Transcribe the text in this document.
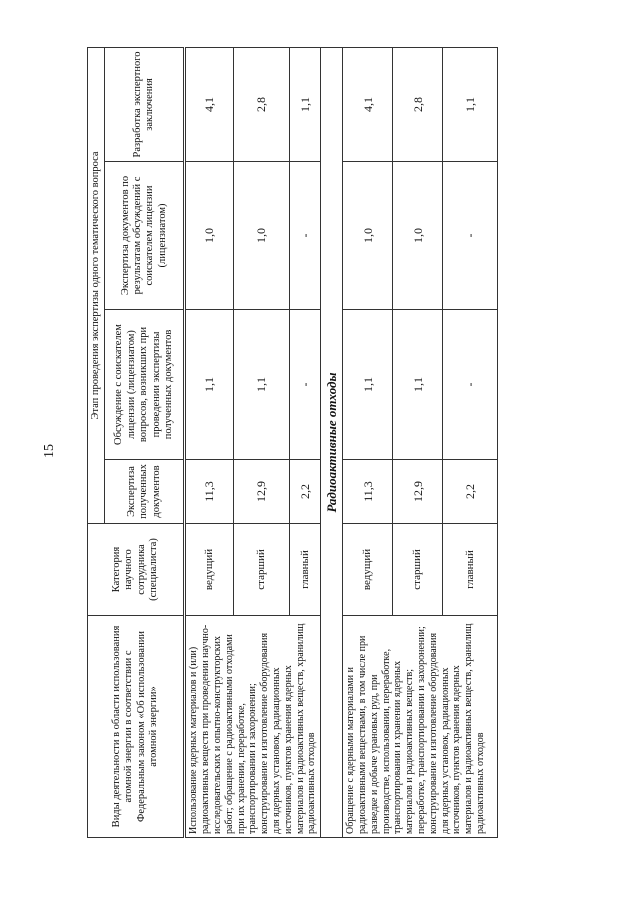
15
Виды деятельности в области использования атомной энергии в соответствии с Федеральным законом «Об использовании атомной энергии»	Категория научного сотрудника (специалиста)	Этап проведения экспертизы одного тематического вопроса			
		Экспертиза полученных документов	Обсуждение с соискателем лицензии (лицензиатом) вопросов, возникших при проведении экспертизы полученных документов	Экспертиза документов по результатам обсуждений с соискателем лицензии (лицензиатом)	Разработка экспертного заключения
Использование ядерных материалов и (или) радиоактивных веществ при проведении научно-исследовательских и опытно-конструкторских работ; обращение с радиоактивными отходами при их хранении, переработке, транспортировании и захоронении; конструирование и изготовление оборудования для ядерных установок, радиационных источников, пунктов хранения ядерных материалов и радиоактивных веществ, хранилищ радиоактивных отходов	ведущий	11,3	1,1	1,0	4,1
	старший	12,9	1,1	1,0	2,8
	главный	2,2	-	-	1,1
Радиоактивные отходы					
Обращение с ядерными материалами и радиоактивными веществами, в том числе при разведке и добыче урановых руд, при производстве, использовании, переработке, транспортировании и хранении ядерных материалов и радиоактивных веществ; переработке, транспортировании и захоронении; конструирование и изготовление оборудования для ядерных установок, радиационных источников, пунктов хранения ядерных материалов и радиоактивных веществ, хранилищ радиоактивных отходов	ведущий	11,3	1,1	1,0	4,1
	старший	12,9	1,1	1,0	2,8
	главный	2,2	-	-	1,1
